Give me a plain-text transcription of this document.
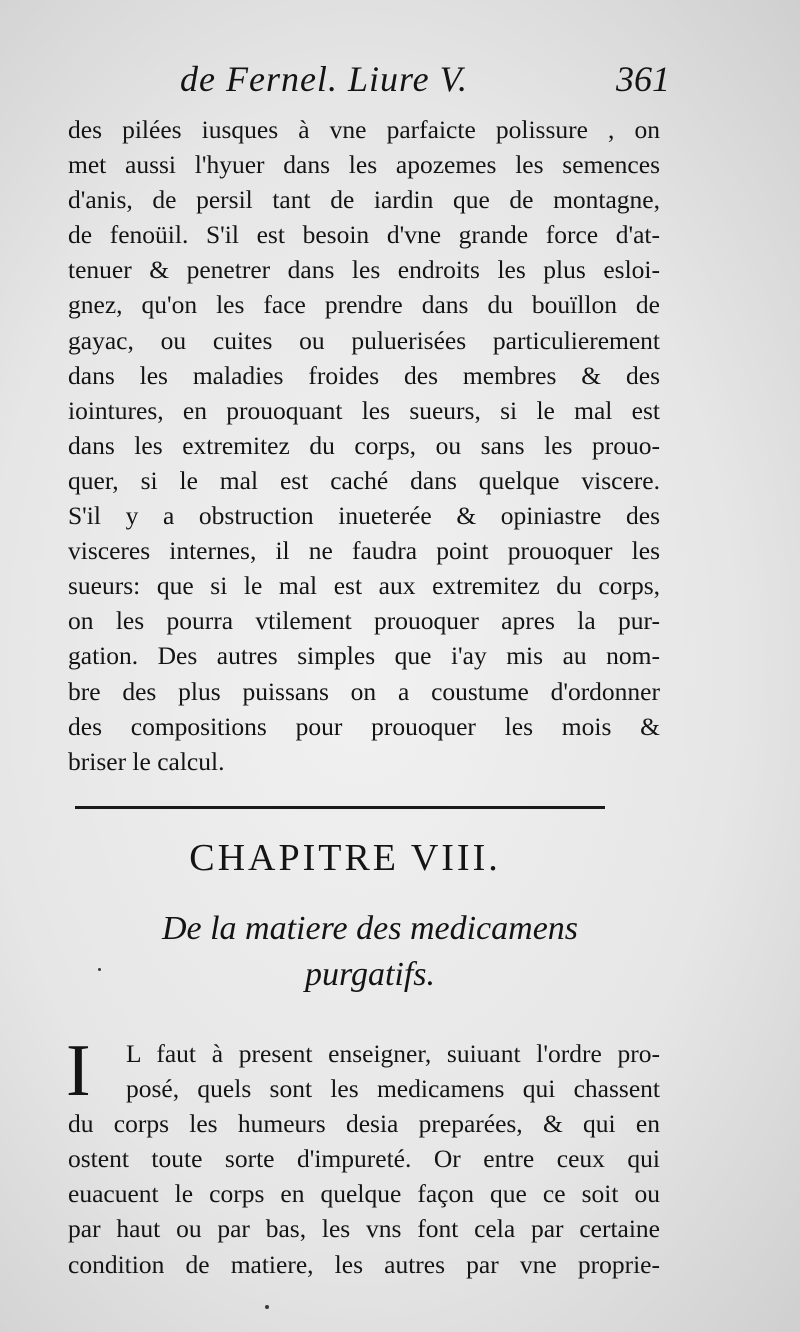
de Fernel. Liure V.	361
des pilées iusques à vne parfaicte polissure , on
met aussi l'hyuer dans les apozemes les semences
d'anis, de persil tant de iardin que de montagne,
de fenoüil. S'il est besoin d'vne grande force d'at-
tenuer & penetrer dans les endroits les plus esloi-
gnez, qu'on les face prendre dans du bouïllon de
gayac, ou cuites ou puluerisées particulierement
dans les maladies froides des membres & des
iointures, en prouoquant les sueurs, si le mal est
dans les extremitez du corps, ou sans les prouo-
quer, si le mal est caché dans quelque viscere.
S'il y a obstruction inueterée & opiniastre des
visceres internes, il ne faudra point prouoquer les
sueurs: que si le mal est aux extremitez du corps,
on les pourra vtilement prouoquer apres la pur-
gation. Des autres simples que i'ay mis au nom-
bre des plus puissans on a coustume d'ordonner
des compositions pour prouoquer les mois &
briser le calcul.
CHAPITRE VIII.
De la matiere des medicamens
purgatifs.
I	L faut à present enseigner, suiuant l'ordre pro-
posé, quels sont les medicamens qui chassent
du corps les humeurs desia preparées, & qui en
ostent toute sorte d'impureté. Or entre ceux qui
euacuent le corps en quelque façon que ce soit ou
par haut ou par bas, les vns font cela par certaine
condition de matiere, les autres par vne proprie-
